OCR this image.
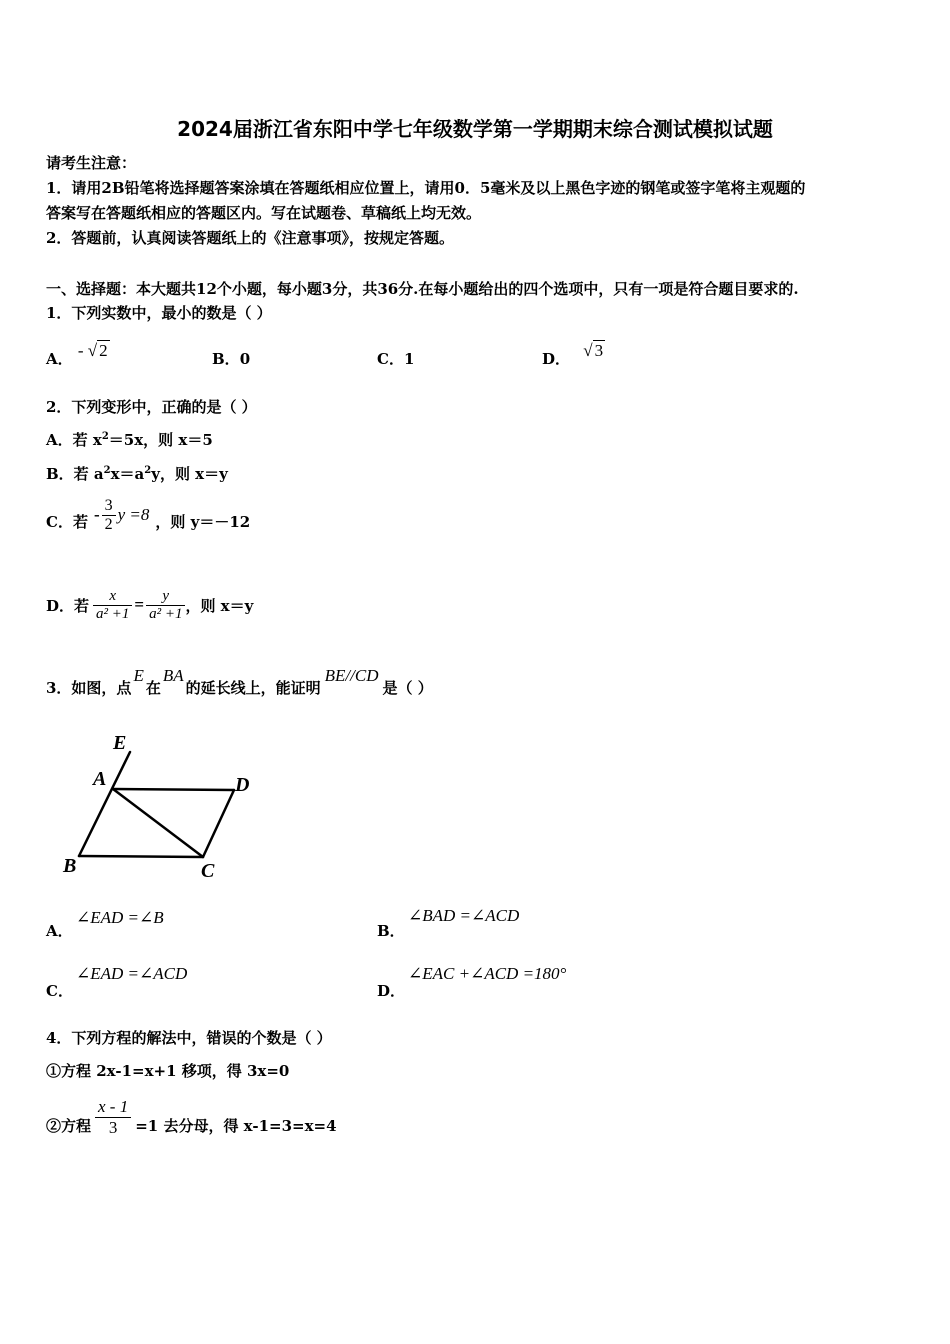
2024届浙江省东阳中学七年级数学第一学期期末综合测试模拟试题
请考生注意：
1．请用2B铅笔将选择题答案涂填在答题纸相应位置上，请用0．5毫米及以上黑色字迹的钢笔或签字笔将主观题的
答案写在答题纸相应的答题区内。写在试题卷、草稿纸上均无效。
2．答题前，认真阅读答题纸上的《注意事项》，按规定答题。
一、选择题：本大题共12个小题，每小题3分，共36分.在每小题给出的四个选项中，只有一项是符合题目要求的.
1．下列实数中，最小的数是（ ）
A． - √ 2	B．0	C．1	D． √ 3
2．下列变形中，正确的是（ ）
A．若 $x^2=5x$，则 x＝5
B．若 $a^2x=a^2y$，则 x＝y
C．若 - $\frac{3}{2}$ y =8 ，则 y＝－12
D．若 $\frac{x}{\text{a² +1}} = \frac{y}{\text{a² +1}}$ ，则 x＝y
3．如图，点
E
在
BA
的延长线上，能证明
BE//CD
是（ ）
E
A	D
B	C
A．
∠EAD =∠B
B．
∠BAD =∠ACD
C．
∠EAD =∠ACD
D．
∠EAC +∠ACD =180°
4．下列方程的解法中，错误的个数是（ ）
①方程 2x-1=x+1 移项，得 3x=0
②方程 $\frac{x - 1}{3} =1$ 去分母，得 x-1=3=x=4
